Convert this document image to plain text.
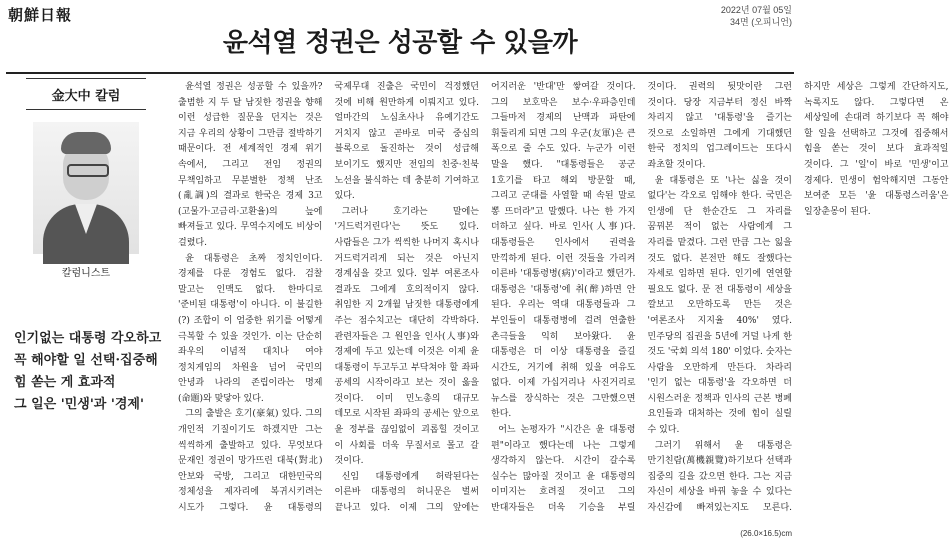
朝鮮日報	2022년 07월 05일
34면 (오피니언)
윤석열 정권은 성공할 수 있을까
金大中 칼럼
칼럼니스트
인기없는 대통령 각오하고
꼭 해야할 일 선택·집중해
힘 쏟는 게 효과적
그 일은 '민생'과 '경제'

윤석열 정권은 성공할 수 있을까? 출범한 지 두 달 남짓한 정권을 향해 이런 성급한 질문을 던지는 것은 지금 우리의 상황이 그만큼 절박하기 때문이다. 전 세계적인 경제 위기 속에서, 그리고 전임 정권의 무책임하고 무분별한 정책 난조(亂調)의 결과로 한국은 경제 3고(고물가·고금리·고환율)의 늪에 빠져들고 있다. 무역수지에도 비상이 걸렸다.

윤 대통령은 초짜 정치인이다. 경제를 다룬 경험도 없다. 검찰 말고는 인맥도 없다. 한마디로 '준비된 대통령'이 아니다. 이 불길한(?) 조합이 이 엄중한 위기를 어떻게 극복할 수 있을 것인가. 이는 단순히 좌우의 이념적 대치나 여야 정치게임의 차원을 넘어 국민의 안녕과 나라의 존립이라는 명제(命題)와 맞닿아 있다.

그의 출발은 호기(豪氣) 있다. 그의 개인적 기질이기도 하겠지만 그는 씩씩하게 출발하고 있다. 무엇보다 문재인 정권이 망가뜨린 대북(對北) 안보와 국방, 그리고 대한민국의 정체성을 제자리에 복귀시키려는 시도가 그렇다. 윤 대통령의 국제무대 진출은 국민이 걱정했던 것에 비해 원만하게 이뤄지고 있다. 얼마간의 노심초사나 유예기간도 거치지 않고 곧바로 미국 중심의 블록으로 돌진하는 것이 성급해 보이기도 했지만 전임의 친중·친북 노선을 불식하는 데 충분히 기여하고 있다.

그러나 호기라는 말에는 '거드럭거린다'는 뜻도 있다. 사람들은 그가 씩씩한 나머지 혹시나 거드럭거리게 되는 것은 아닌지 경계심을 갖고 있다. 일부 여론조사 결과도 그에게 호의적이지 않다. 취임한 지 2개월 남짓한 대통령에게 주는 점수치고는 대단히 각박하다. 관련자들은 그 원인을 인사(人事)와 경제에 두고 있는데 이것은 이제 윤 대통령이 두고두고 부닥쳐야 할 좌파 공세의 시작이라고 보는 것이 옳을 것이다. 이미 민노총의 대규모 데모로 시작된 좌파의 공세는 앞으로 윤 정부를 끊임없이 괴롭힐 것이고 이 사회를 더욱 무질서로 몰고 갈 것이다.

신임 대통령에게 허락된다는 이른바 대통령의 허니문은 벌써 끝나고 있다. 이제 그의 앞에는 어지러운 '반대'만 쌓여갈 것이다. 그의 보호막은 보수·우파층인데 그들마저 경제의 난맥과 파탄에 휘둘리게 되면 그의 우군(友軍)은 큰 폭으로 줄 수도 있다. 누군가 이런 말을 했다. "대통령들은 공군 1호기를 타고 해외 방문할 때, 그리고 군대를 사열할 때 속된 말로 뽕 뜨더라"고 말했다. 나는 한 가지 더하고 싶다. 바로 인사(人事)다. 대통령들은 인사에서 권력을 만끽하게 된다. 이런 것들을 가리켜 이른바 '대통령병(病)'이라고 했던가. 대통령은 '대통령'에 취(醉)하면 안 된다. 우리는 역대 대통령들과 그 부인들이 대통령병에 걸려 연출한 촌극들을 익히 보아왔다. 윤 대통령은 더 이상 대통령을 즐길 시간도, 거기에 취해 있을 여유도 없다. 이제 가십거리나 사진거리로 뉴스를 장식하는 것은 그만했으면 한다.

어느 논평자가 "시간은 윤 대통령 편"이라고 했다는데 나는 그렇게 생각하지 않는다. 시간이 갈수록 실수는 많아질 것이고 윤 대통령의 이미지는 흐려질 것이고 그의 반대자들은 더욱 기승을 부릴 것이다. 권력의 뒷맛이란 그런 것이다. 당장 지금부터 정신 바짝 차리지 않고 '대통령'을 즐기는 것으로 소일하면 그에게 기대했던 한국 정치의 업그레이드는 또다시 좌초할 것이다.

윤 대통령은 또 '나는 싫을 것이 없다'는 각오로 임해야 한다. 국민은 인생에 단 한순간도 그 자리를 꿈꿔본 적이 없는 사람에게 그 자리를 맡겼다. 그런 만큼 그는 잃을 것도 없다. 본전만 해도 잘했다는 자세로 임하면 된다. 인기에 연연할 필요도 없다. 문 전 대통령이 세상을 깔보고 오만하도록 만든 것은 '여론조사 지지율 40%' 였다. 민주당의 집권을 5년에 거덜 나게 한 것도 '국회 의석 180' 이었다. 숫자는 사람을 오만하게 만든다. 차라리 '인기 없는 대통령'을 각오하면 더 시원스러운 정책과 인사의 근본 병폐 요인들과 대처하는 것에 힘이 실릴 수 있다.

그러기 위해서 윤 대통령은 만기친람(萬機親覽)하기보다 선택과 집중의 길을 갔으면 한다. 그는 지금 자신이 세상을 바꿔 놓을 수 있다는 자신감에 빠져있는지도 모른다. 하지만 세상은 그렇게 간단하지도, 녹록지도 않다. 그렇다면 온 세상일에 손대려 하기보다 꼭 해야 할 일을 선택하고 그것에 집중해서 힘을 쏟는 것이 보다 효과적일 것이다. 그 '일'이 바로 '민생'이고 경제다. 민생이 험악해지면 그동안 보여준 모든 '윤 대통령스러움'은 일장춘몽이 된다.

(26.0×16.5)cm
